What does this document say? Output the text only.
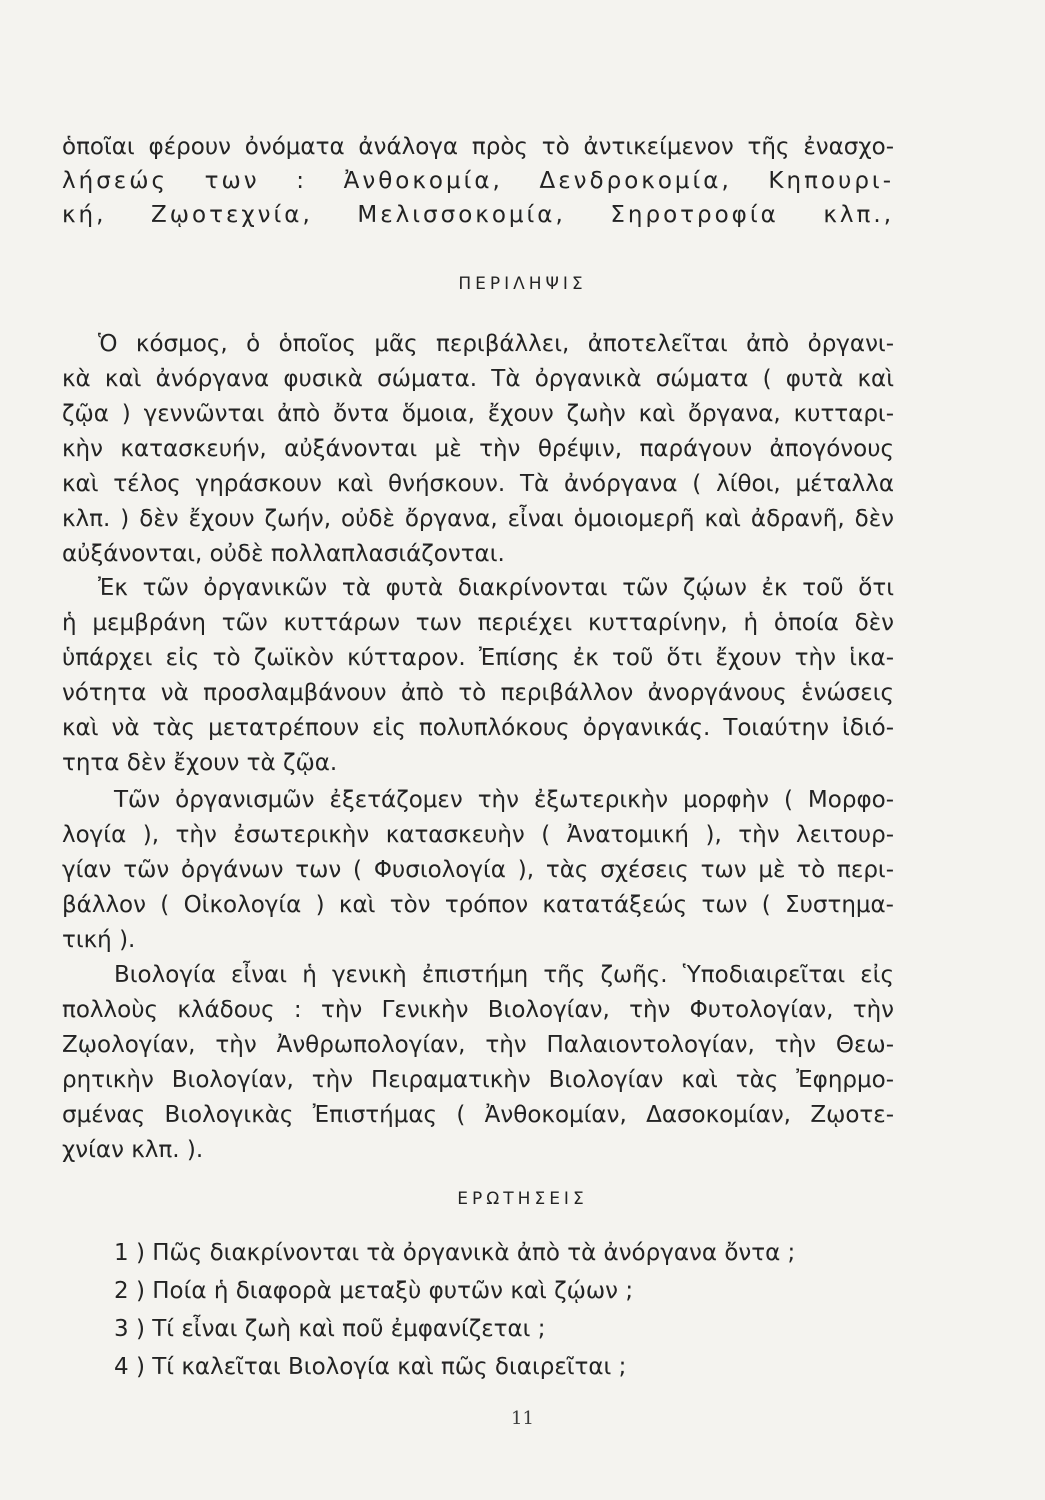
ὁποῖαι φέρουν ὀνόματα ἀνάλογα πρὸς τὸ ἀντικείμενον τῆς ἐνασχο-
λήσεώς των : Ἀνθοκομία, Δενδροκομία, Κηπουρι-
κή, Ζῳοτεχνία, Μελισσοκομία, Σηροτροφία κλπ.,
ΠΕΡΙΛΗΨΙΣ
Ὁ κόσμος, ὁ ὁποῖος μᾶς περιβάλλει, ἀποτελεῖται ἀπὸ ὀργανι-
κὰ καὶ ἀνόργανα φυσικὰ σώματα. Τὰ ὀργανικὰ σώματα ( φυτὰ καὶ
ζῷα ) γεννῶνται ἀπὸ ὄντα ὅμοια, ἔχουν ζωὴν καὶ ὄργανα, κυτταρι-
κὴν κατασκευήν, αὐξάνονται μὲ τὴν θρέψιν, παράγουν ἀπογόνους
καὶ τέλος γηράσκουν καὶ θνήσκουν. Τὰ ἀνόργανα ( λίθοι, μέταλλα
κλπ. ) δὲν ἔχουν ζωήν, οὐδὲ ὄργανα, εἶναι ὁμοιομερῆ καὶ ἀδρανῆ, δὲν
αὐξάνονται, οὐδὲ πολλαπλασιάζονται.
Ἐκ τῶν ὀργανικῶν τὰ φυτὰ διακρίνονται τῶν ζῴων ἐκ τοῦ ὅτι
ἡ μεμβράνη τῶν κυττάρων των περιέχει κυτταρίνην, ἡ ὁποία δὲν
ὑπάρχει εἰς τὸ ζωϊκὸν κύτταρον. Ἐπίσης ἐκ τοῦ ὅτι ἔχουν τὴν ἱκα-
νότητα νὰ προσλαμβάνουν ἀπὸ τὸ περιβάλλον ἀνοργάνους ἑνώσεις
καὶ νὰ τὰς μετατρέπουν εἰς πολυπλόκους ὀργανικάς. Τοιαύτην ἰδιό-
τητα δὲν ἔχουν τὰ ζῷα.
Τῶν ὀργανισμῶν ἐξετάζομεν τὴν ἐξωτερικὴν μορφὴν ( Μορφο-
λογία ), τὴν ἐσωτερικὴν κατασκευὴν ( Ἀνατομική ), τὴν λειτουρ-
γίαν τῶν ὀργάνων των ( Φυσιολογία ), τὰς σχέσεις των μὲ τὸ περι-
βάλλον ( Οἰκολογία ) καὶ τὸν τρόπον κατατάξεώς των ( Συστημα-
τική ).
Βιολογία εἶναι ἡ γενικὴ ἐπιστήμη τῆς ζωῆς. Ὑποδιαιρεῖται εἰς
πολλοὺς κλάδους : τὴν Γενικὴν Βιολογίαν, τὴν Φυτολογίαν, τὴν
Ζῳολογίαν, τὴν Ἀνθρωπολογίαν, τὴν Παλαιοντολογίαν, τὴν Θεω-
ρητικὴν Βιολογίαν, τὴν Πειραματικὴν Βιολογίαν καὶ τὰς Ἐφηρμο-
σμένας Βιολογικὰς Ἐπιστήμας ( Ἀνθοκομίαν, Δασοκομίαν, Ζῳοτε-
χνίαν κλπ. ).
ΕΡΩΤΗΣΕΙΣ
1 ) Πῶς διακρίνονται τὰ ὀργανικὰ ἀπὸ τὰ ἀνόργανα ὄντα ;
2 ) Ποία ἡ διαφορὰ μεταξὺ φυτῶν καὶ ζῴων ;
3 ) Τί εἶναι ζωὴ καὶ ποῦ ἐμφανίζεται ;
4 ) Τί καλεῖται Βιολογία καὶ πῶς διαιρεῖται ;
11
